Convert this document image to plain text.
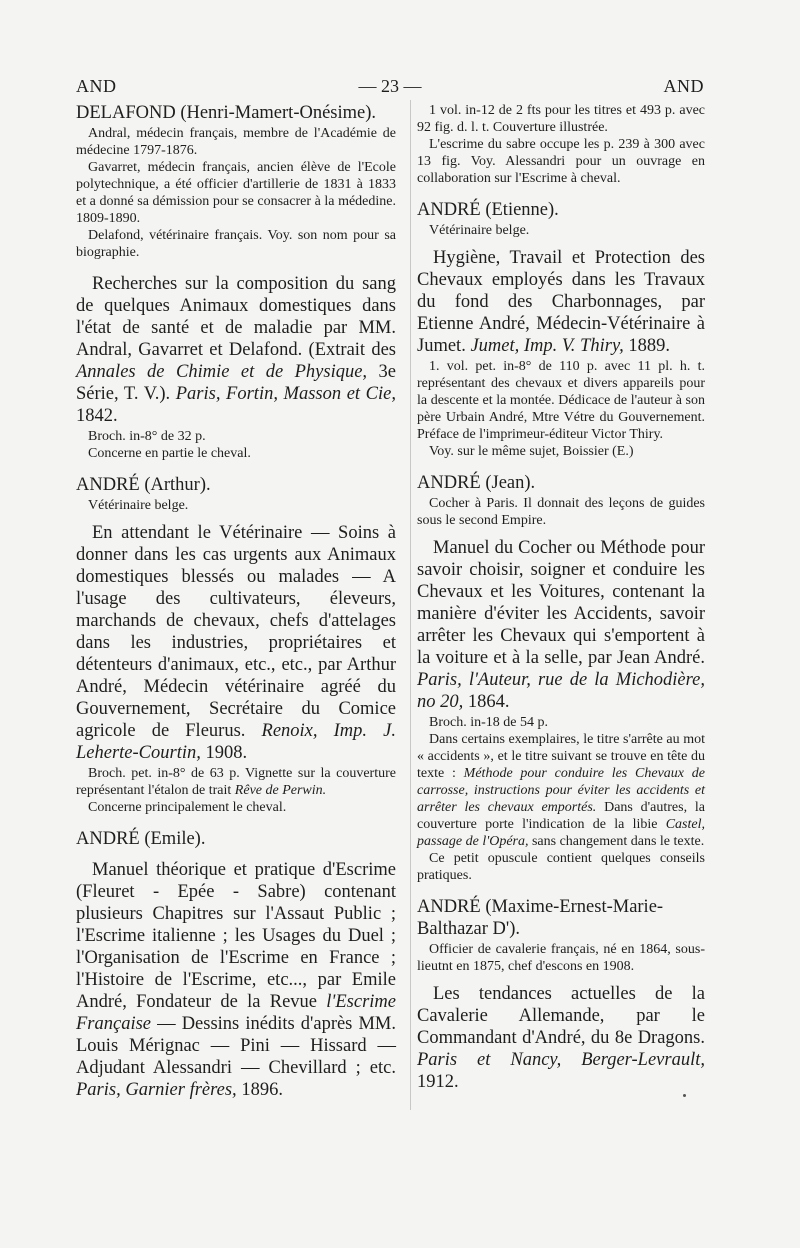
AND	— 23 —	AND

DELAFOND (Henri-Mamert-Onésime).

Andral, médecin français, membre de l'Académie de médecine 1797-1876.

Gavarret, médecin français, ancien élève de l'Ecole polytechnique, a été officier d'artillerie de 1831 à 1833 et a donné sa démission pour se consacrer à la médedine. 1809-1890.

Delafond, vétérinaire français. Voy. son nom pour sa biographie.

Recherches sur la composition du sang de quelques Animaux domestiques dans l'état de santé et de maladie par MM. Andral, Gavarret et Delafond. (Extrait des Annales de Chimie et de Physique, 3e Série, T. V.). Paris, Fortin, Masson et Cie, 1842.

Broch. in-8° de 32 p.

Concerne en partie le cheval.

ANDRÉ (Arthur).

Vétérinaire belge.

En attendant le Vétérinaire — Soins à donner dans les cas urgents aux Animaux domestiques blessés ou malades — A l'usage des cultivateurs, éleveurs, marchands de chevaux, chefs d'attelages dans les industries, propriétaires et détenteurs d'animaux, etc., etc., par Arthur André, Médecin vétérinaire agréé du Gouvernement, Secrétaire du Comice agricole de Fleurus. Renoix, Imp. J. Leherte-Courtin, 1908.

Broch. pet. in-8° de 63 p. Vignette sur la couverture représentant l'étalon de trait Rêve de Perwin.

Concerne principalement le cheval.

ANDRÉ (Emile).

Manuel théorique et pratique d'Escrime (Fleuret - Epée - Sabre) contenant plusieurs Chapitres sur l'Assaut Public ; l'Escrime italienne ; les Usages du Duel ; l'Organisation de l'Escrime en France ; l'Histoire de l'Escrime, etc..., par Emile André, Fondateur de la Revue l'Escrime Française — Dessins inédits d'après MM. Louis Mérignac — Pini — Hissard — Adjudant Alessandri — Chevillard ; etc. Paris, Garnier frères, 1896.

1 vol. in-12 de 2 fts pour les titres et 493 p. avec 92 fig. d. l. t. Couverture illustrée.

L'escrime du sabre occupe les p. 239 à 300 avec 13 fig. Voy. Alessandri pour un ouvrage en collaboration sur l'Escrime à cheval.

ANDRÉ (Etienne).

Vétérinaire belge.

Hygiène, Travail et Protection des Chevaux employés dans les Travaux du fond des Charbonnages, par Etienne André, Médecin-Vétérinaire à Jumet. Jumet, Imp. V. Thiry, 1889.

1. vol. pet. in-8° de 110 p. avec 11 pl. h. t. représentant des chevaux et divers appareils pour la descente et la montée. Dédicace de l'auteur à son père Urbain André, Mtre Vétre du Gouvernement. Préface de l'imprimeur-éditeur Victor Thiry.

Voy. sur le même sujet, Boissier (E.)

ANDRÉ (Jean).

Cocher à Paris. Il donnait des leçons de guides sous le second Empire.

Manuel du Cocher ou Méthode pour savoir choisir, soigner et conduire les Chevaux et les Voitures, contenant la manière d'éviter les Accidents, savoir arrêter les Chevaux qui s'emportent à la voiture et à la selle, par Jean André. Paris, l'Auteur, rue de la Michodière, no 20, 1864.

Broch. in-18 de 54 p.

Dans certains exemplaires, le titre s'arrête au mot « accidents », et le titre suivant se trouve en tête du texte : Méthode pour conduire les Chevaux de carrosse, instructions pour éviter les accidents et arrêter les chevaux emportés. Dans d'autres, la couverture porte l'indication de la libie Castel, passage de l'Opéra, sans changement dans le texte.

Ce petit opuscule contient quelques conseils pratiques.

ANDRÉ (Maxime-Ernest-Marie-Balthazar D').

Officier de cavalerie français, né en 1864, sous-lieutnt en 1875, chef d'escons en 1908.

Les tendances actuelles de la Cavalerie Allemande, par le Commandant d'André, du 8e Dragons. Paris et Nancy, Berger-Levrault, 1912.
